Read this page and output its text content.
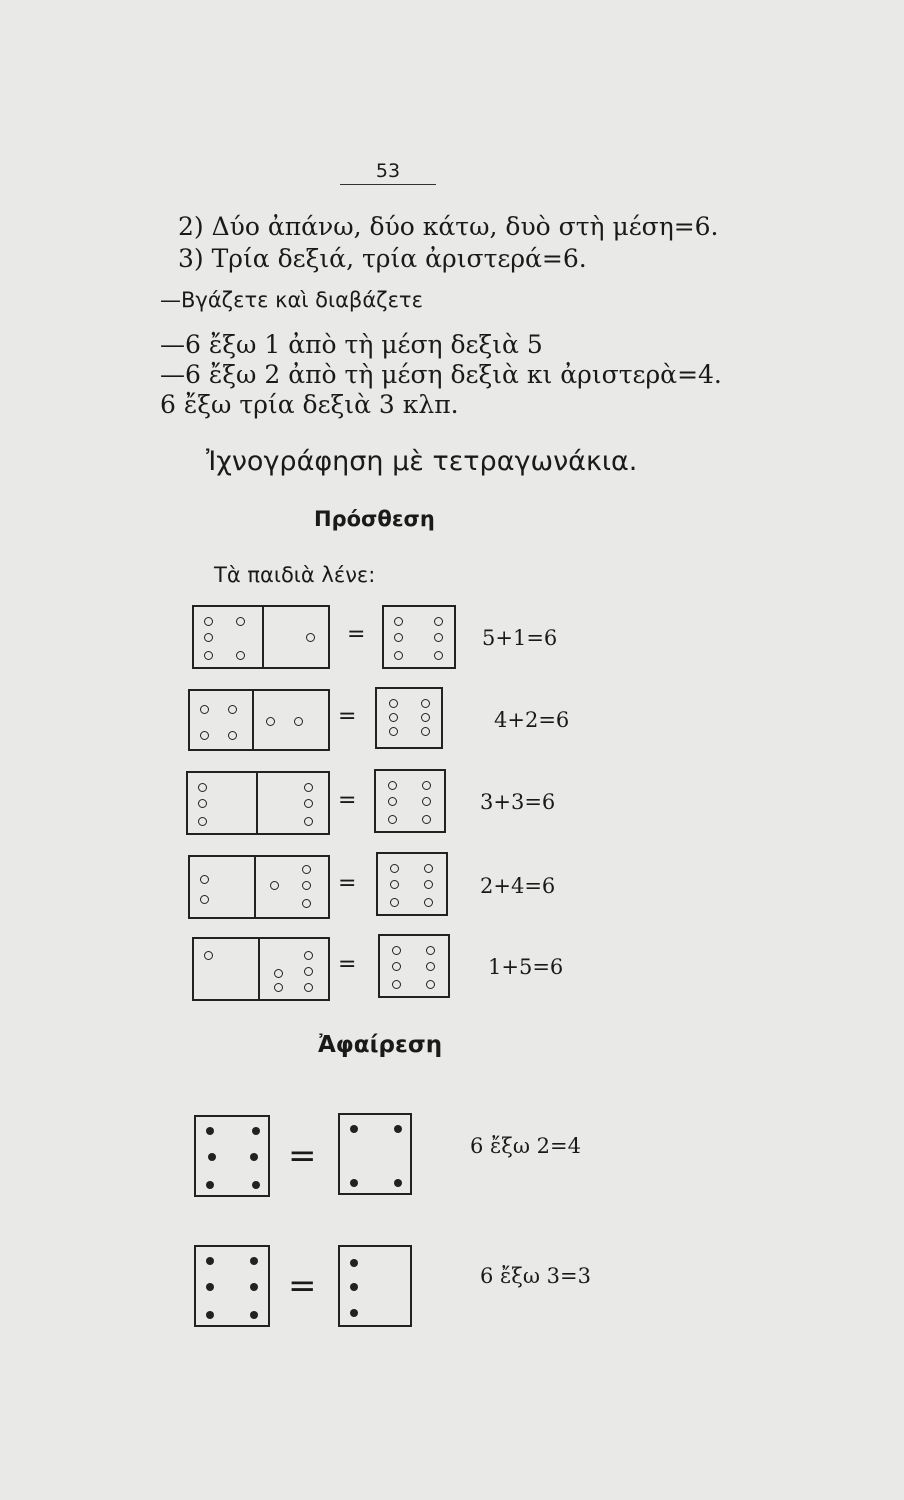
53
2) Δύο ἀπάνω, δύο κάτω, δυὸ στὴ μέση=6.
3) Τρία δεξιά, τρία ἀριστερά=6.
—Βγάζετε καὶ διαβάζετε
—6 ἔξω 1 ἀπὸ τὴ μέση δεξιὰ 5
—6 ἔξω 2 ἀπὸ τὴ μέση δεξιὰ κι ἀριστερὰ=4.
6 ἔξω τρία δεξιὰ 3 κλπ.
Ἰχνογράφηση μὲ τετραγωνάκια.
Πρόσθεση
Τὰ παιδιὰ λένε:
=	5+1=6
=	4+2=6
=	3+3=6
=	2+4=6
=	1+5=6
Ἀφαίρεση
=	6 ἔξω 2=4
=	6 ἔξω 3=3
